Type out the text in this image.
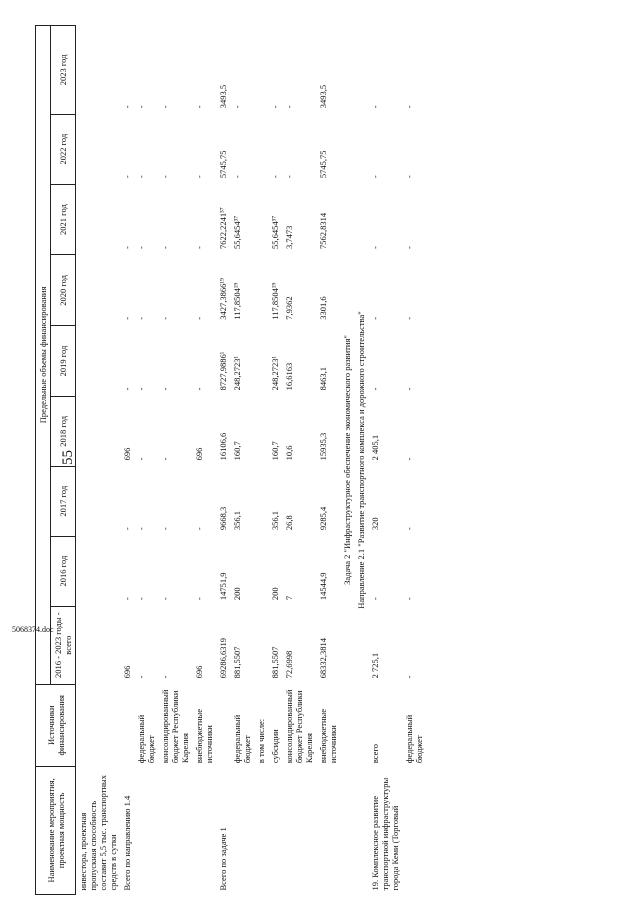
55
Наименование мероприятия, проектная мощность	Источники финансирования	Предельные объемы финансирования								
		2016 - 2023 годы - всего	2016 год	2017 год	2018 год	2019 год	2020 год	2021 год	2022 год	2023 год
инвестора, проектная пропускная способность составит 5,5 тыс. транспортных средств в сутки										
Всего по направлению 1.4		696	-	-	696	-	-	-	-	-
	федеральный бюджет	-	-	-	-	-	-	-	-	-
	консолидированный бюджет Республики Карелия	-	-	-	-	-	-	-	-	-
	внебюджетные источники	696	-	-	696	-	-	-	-	-
Всего по задаче 1		69286,6319	14751,9	9668,3	16106,6	8727,9886¹	3427,3866¹⁹	7622,2241³⁷	5745,75	3493,5
	федеральный бюджет	881,5507	200	356,1	160,7	248,2723¹	117,8504¹⁹	55,6454³⁷	-	-
	в том числе:									
	субсидии	881,5507	200	356,1	160,7	248,2723¹	117,8504¹⁹	55,6454³⁷	-	-
	консолидированный бюджет Республики Карелия	72,6998	7	26,8	10,6	16,6163	7,9362	3,7473	-	-
	внебюджетные источники	68332,3814	14544,9	9285,4	15935,3	8463,1	3301,6	7562,8314	5745,75	3493,5
Задача 2 "Инфраструктурное обеспечение экономического развития"										
Направление 2.1 "Развитие транспортного комплекса и дорожного строительства"										
19. Комплексное развитие транспортной инфраструктуры города Кеми (Торговый	всего	2 725,1	-	320	2 405,1	-	-	-	-	-
	федеральный бюджет	-	-	-	-	-	-	-	-	-
5068374.doc
